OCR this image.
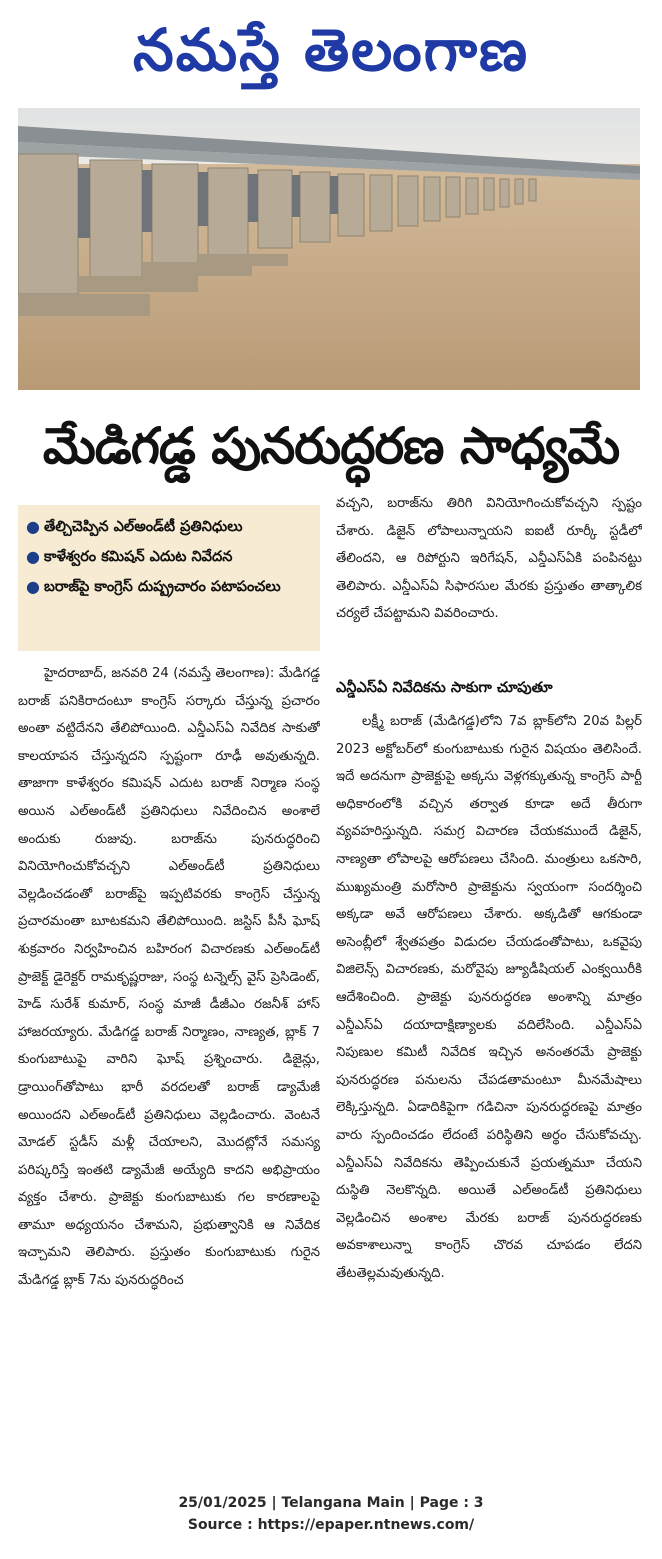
నమస్తే తెలంగాణ
మేడిగడ్డ పునరుద్ధరణ సాధ్యమే
● తేల్చిచెప్పిన ఎల్‌అండ్‌టీ ప్రతినిధులు
● కాళేశ్వరం కమిషన్‌ ఎదుట నివేదన
● బరాజ్‌పై కాంగ్రెస్‌ దుష్ప్రచారం పటాపంచలు

హైదరాబాద్‌, జనవరి 24 (నమస్తే తెలంగాణ): మేడిగడ్డ బరాజ్‌ పనికిరాదంటూ కాంగ్రెస్‌ సర్కారు చేస్తున్న ప్రచారం అంతా వట్టిదేనని తేలిపోయింది. ఎన్డీఎస్‌ఏ నివేదిక సాకుతో కాలయాపన చేస్తున్నదని స్పష్టంగా రూఢీ అవుతున్నది. తాజాగా కాళేశ్వరం కమిషన్‌ ఎదుట బరాజ్‌ నిర్మాణ సంస్థ అయిన ఎల్‌అండ్‌టీ ప్రతినిధులు నివేదించిన అంశాలే అందుకు రుజువు. బరాజ్‌ను పునరుద్ధరించి వినియోగించుకోవచ్చని ఎల్‌అండ్‌టీ ప్రతినిధులు వెల్లడించడంతో బరాజ్‌పై ఇప్పటివరకు కాంగ్రెస్‌ చేస్తున్న ప్రచారమంతా బూటకమని తేలిపోయింది. జస్టిస్‌ పీసీ ఘోష్‌ శుక్రవారం నిర్వహించిన బహిరంగ విచారణకు ఎల్‌అండ్‌టీ ప్రాజెక్ట్‌ డైరెక్టర్‌ రామకృష్ణరాజు, సంస్థ టన్నెల్స్‌ వైస్‌ ప్రెసిడెంట్‌, హెడ్‌ సురేశ్‌ కుమార్‌, సంస్థ మాజీ డీజీఎం రజనీశ్‌ హాస్‌ హాజరయ్యారు. మేడిగడ్డ బరాజ్‌ నిర్మాణం, నాణ్యత, బ్లాక్‌ 7 కుంగుబాటుపై వారిని ఘోష్‌ ప్రశ్నించారు. డిజైన్లు, డ్రాయింగ్‌తోపాటు భారీ వరదలతో బరాజ్‌ డ్యామేజీ అయిందని ఎల్‌అండ్‌టీ ప్రతినిధులు వెల్లడించారు. వెంటనే మోడల్‌ స్టడీస్‌ మళ్లీ చేయాలని, మొదట్లోనే సమస్య పరిష్కరిస్తే ఇంతటి డ్యామేజీ అయ్యేది కాదని అభిప్రాయం వ్యక్తం చేశారు. ప్రాజెక్టు కుంగుబాటుకు గల కారణాలపై తామూ అధ్యయనం చేశామని, ప్రభుత్వానికి ఆ నివేదిక ఇచ్చామని తెలిపారు. ప్రస్తుతం కుంగుబాటుకు గురైన మేడిగడ్డ బ్లాక్‌ 7ను పునరుద్ధరించ

వచ్చని, బరాజ్‌ను తిరిగి వినియోగించుకోవచ్చని స్పష్టం చేశారు. డిజైన్‌ లోపాలున్నాయని ఐఐటీ రూర్కీ స్టడీలో తేలిందని, ఆ రిపోర్టుని ఇరిగేషన్‌, ఎన్డీఎస్‌ఏకి పంపినట్టు తెలిపారు. ఎన్డీఎస్‌ఏ సిఫారసుల మేరకు ప్రస్తుతం తాత్కాలిక చర్యలే చేపట్టామని వివరించారు.

ఎన్డీఎస్‌ఏ నివేదికను సాకుగా చూపుతూ

లక్ష్మీ బరాజ్‌ (మేడిగడ్డ)లోని 7వ బ్లాక్‌లోని 20వ పిల్లర్‌ 2023 అక్టోబర్‌లో కుంగుబాటుకు గురైన విషయం తెలిసిందే. ఇదే అదనుగా ప్రాజెక్టుపై అక్కసు వెళ్లగక్కుతున్న కాంగ్రెస్‌ పార్టీ అధికారంలోకి వచ్చిన తర్వాత కూడా అదే తీరుగా వ్యవహరిస్తున్నది. సమగ్ర విచారణ చేయకముందే డిజైన్‌, నాణ్యతా లోపాలపై ఆరోపణలు చేసింది. మంత్రులు ఒకసారి, ముఖ్యమంత్రి మరోసారి ప్రాజెక్టును స్వయంగా సందర్శించి అక్కడా అవే ఆరోపణలు చేశారు. అక్కడితో ఆగకుండా అసెంబ్లీలో శ్వేతపత్రం విడుదల చేయడంతోపాటు, ఒకవైపు విజిలెన్స్‌ విచారణకు, మరోవైపు జ్యూడీషియల్‌ ఎంక్వయిరీకి ఆదేశించింది. ప్రాజెక్టు పునరుద్ధరణ అంశాన్ని మాత్రం ఎన్డీఎస్‌ఏ దయాదాక్షిణ్యాలకు వదిలేసింది. ఎన్డీఎస్‌ఏ నిపుణుల కమిటీ నివేదిక ఇచ్చిన అనంతరమే ప్రాజెక్టు పునరుద్ధరణ పనులను చేపడతామంటూ మీనమేషాలు లెక్కిస్తున్నది. ఏడాదికిపైగా గడిచినా పునరుద్ధరణపై మాత్రం వారు స్పందించడం లేదంటే పరిస్థితిని అర్థం చేసుకోవచ్చు. ఎన్డీఎస్‌ఏ నివేదికను తెప్పించుకునే ప్రయత్నమూ చేయని దుస్థితి నెలకొన్నది. అయితే ఎల్‌అండ్‌టీ ప్రతినిధులు వెల్లడించిన అంశాల మేరకు బరాజ్‌ పునరుద్ధరణకు అవకాశాలున్నా కాంగ్రెస్‌ చొరవ చూపడం లేదని తేటతెల్లమవుతున్నది.

25/01/2025 | Telangana Main | Page : 3
Source : https://epaper.ntnews.com/
